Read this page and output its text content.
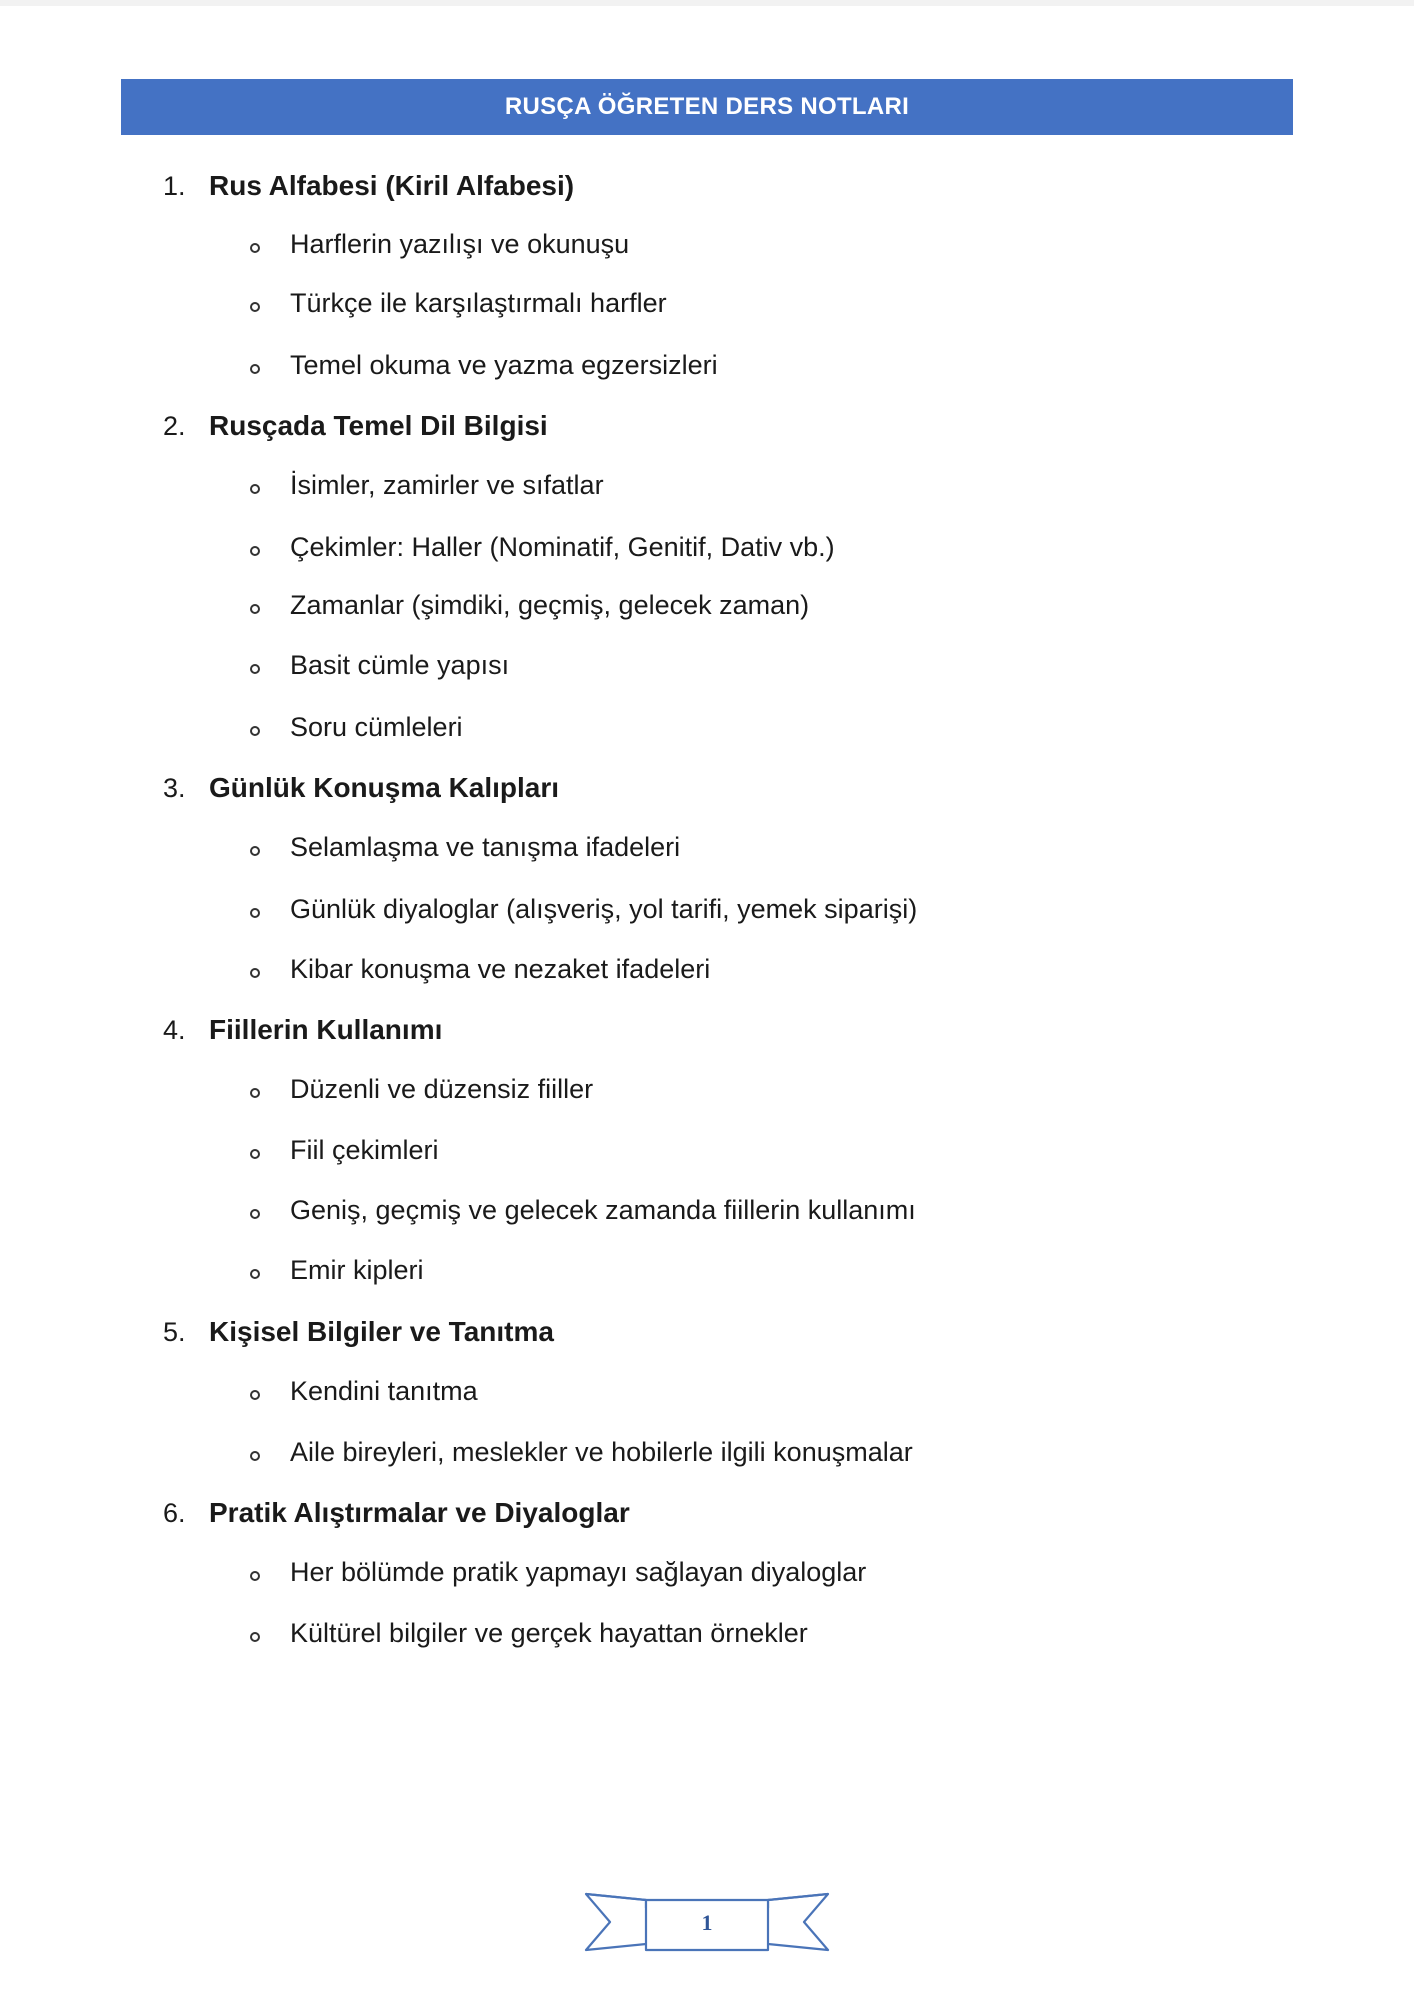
RUSÇA ÖĞRETEN DERS NOTLARI
1. Rus Alfabesi (Kiril Alfabesi)
Harflerin yazılışı ve okunuşu
Türkçe ile karşılaştırmalı harfler
Temel okuma ve yazma egzersizleri
2. Rusçada Temel Dil Bilgisi
İsimler, zamirler ve sıfatlar
Çekimler: Haller (Nominatif, Genitif, Dativ vb.)
Zamanlar (şimdiki, geçmiş, gelecek zaman)
Basit cümle yapısı
Soru cümleleri
3. Günlük Konuşma Kalıpları
Selamlaşma ve tanışma ifadeleri
Günlük diyaloglar (alışveriş, yol tarifi, yemek siparişi)
Kibar konuşma ve nezaket ifadeleri
4. Fiillerin Kullanımı
Düzenli ve düzensiz fiiller
Fiil çekimleri
Geniş, geçmiş ve gelecek zamanda fiillerin kullanımı
Emir kipleri
5. Kişisel Bilgiler ve Tanıtma
Kendini tanıtma
Aile bireyleri, meslekler ve hobilerle ilgili konuşmalar
6. Pratik Alıştırmalar ve Diyaloglar
Her bölümde pratik yapmayı sağlayan diyaloglar
Kültürel bilgiler ve gerçek hayattan örnekler
1
